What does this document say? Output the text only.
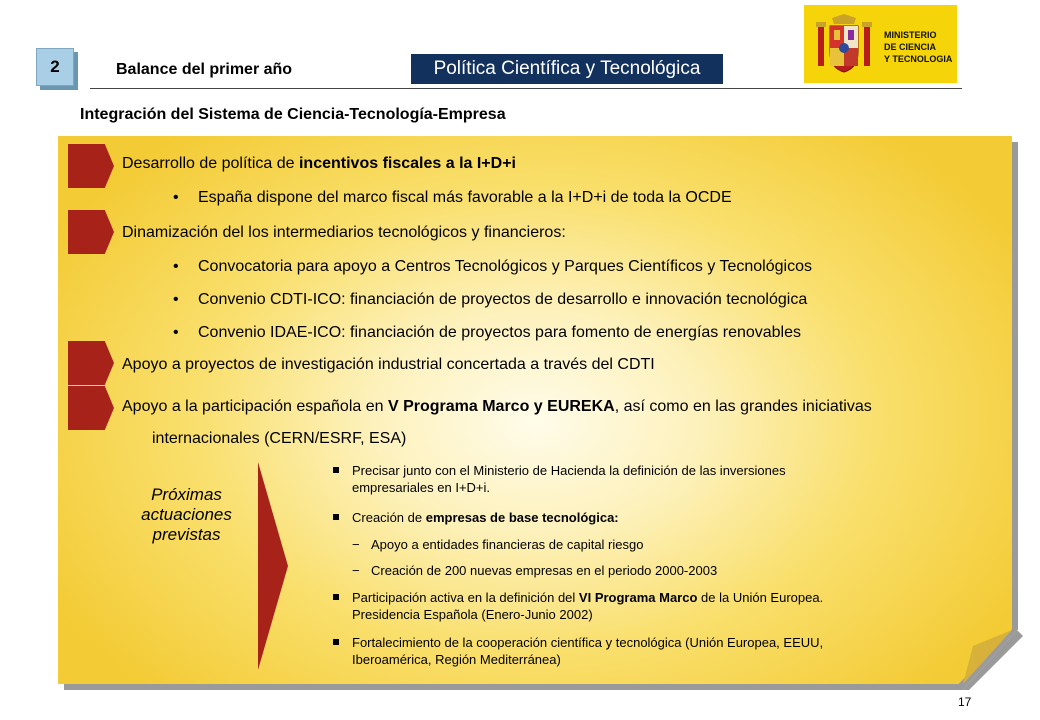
2	Balance del primer año	Política Científica y Tecnológica
MINISTERIO
DE CIENCIA
Y TECNOLOGIA
Integración del Sistema de Ciencia-Tecnología-Empresa
Desarrollo de política de incentivos fiscales a la I+D+i
• España dispone del marco fiscal más favorable a la I+D+i de toda la OCDE
Dinamización del los intermediarios tecnológicos y financieros:
• Convocatoria para apoyo a Centros Tecnológicos y Parques Científicos y Tecnológicos
• Convenio CDTI-ICO: financiación de proyectos de desarrollo e innovación tecnológica
• Convenio IDAE-ICO: financiación de proyectos para fomento de energías renovables
Apoyo a proyectos de investigación industrial concertada a través del CDTI
Apoyo a la participación española en V Programa Marco y EUREKA, así como en las grandes iniciativas
internacionales (CERN/ESRF, ESA)
Próximas
actuaciones
previstas
Precisar junto con el Ministerio de Hacienda la definición de las inversiones
empresariales en I+D+i.
Creación de empresas de base tecnológica:
− Apoyo a entidades financieras de capital riesgo
− Creación de 200 nuevas empresas en el periodo 2000-2003
Participación activa en la definición del VI Programa Marco de la Unión Europea.
Presidencia Española (Enero-Junio 2002)
Fortalecimiento de la cooperación científica y tecnológica (Unión Europea, EEUU,
Iberoamérica, Región Mediterránea)
17
